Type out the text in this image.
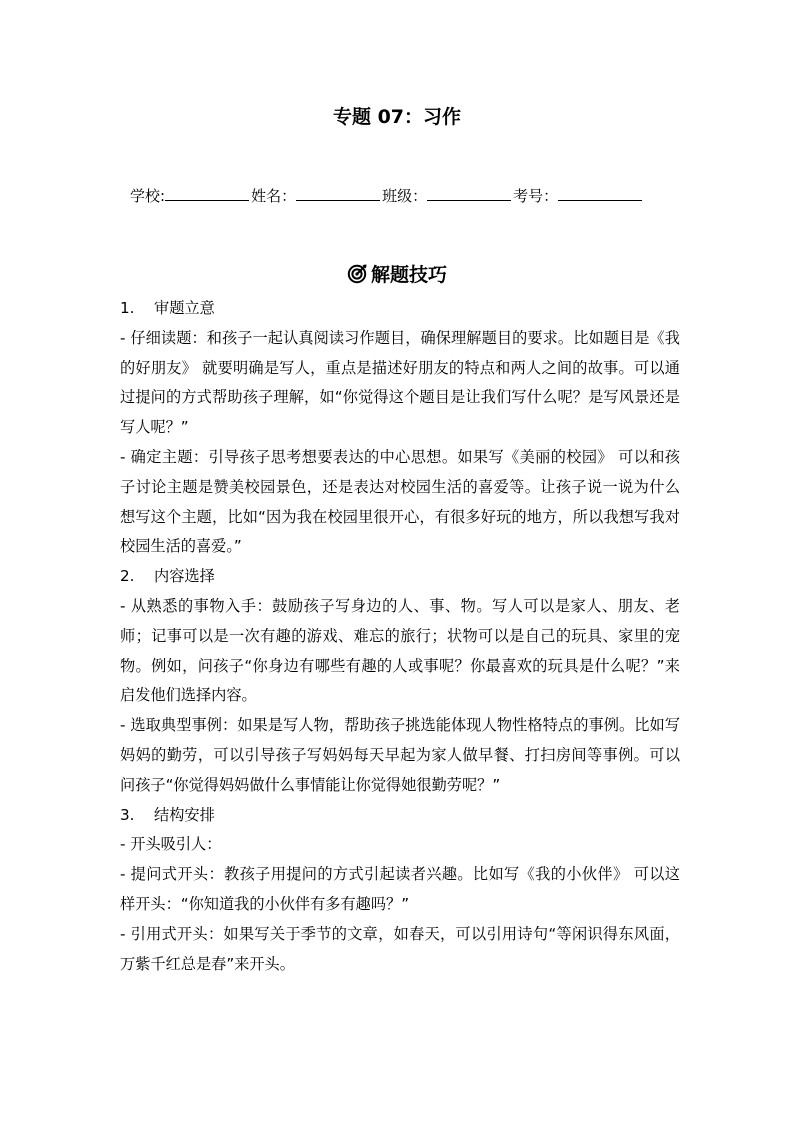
专题 07：习作
学校:	姓名：	班级：	考号：
解题技巧
1.	审题立意

- 仔细读题：和孩子一起认真阅读习作题目，确保理解题目的要求。比如题目是《我的好朋友》 就要明确是写人，重点是描述好朋友的特点和两人之间的故事。可以通过提问的方式帮助孩子理解，如“你觉得这个题目是让我们写什么呢？是写风景还是写人呢？”

- 确定主题：引导孩子思考想要表达的中心思想。如果写《美丽的校园》 可以和孩子讨论主题是赞美校园景色，还是表达对校园生活的喜爱等。让孩子说一说为什么想写这个主题，比如“因为我在校园里很开心，有很多好玩的地方，所以我想写我对校园生活的喜爱。”

2.	内容选择

- 从熟悉的事物入手：鼓励孩子写身边的人、事、物。写人可以是家人、朋友、老师；记事可以是一次有趣的游戏、难忘的旅行；状物可以是自己的玩具、家里的宠物。例如，问孩子“你身边有哪些有趣的人或事呢？你最喜欢的玩具是什么呢？”来启发他们选择内容。

- 选取典型事例：如果是写人物，帮助孩子挑选能体现人物性格特点的事例。比如写妈妈的勤劳，可以引导孩子写妈妈每天早起为家人做早餐、打扫房间等事例。可以问孩子“你觉得妈妈做什么事情能让你觉得她很勤劳呢？”

3.	结构安排

- 开头吸引人：

- 提问式开头：教孩子用提问的方式引起读者兴趣。比如写《我的小伙伴》 可以这样开头：“你知道我的小伙伴有多有趣吗？”

- 引用式开头：如果写关于季节的文章，如春天，可以引用诗句“等闲识得东风面，万紫千红总是春”来开头。
